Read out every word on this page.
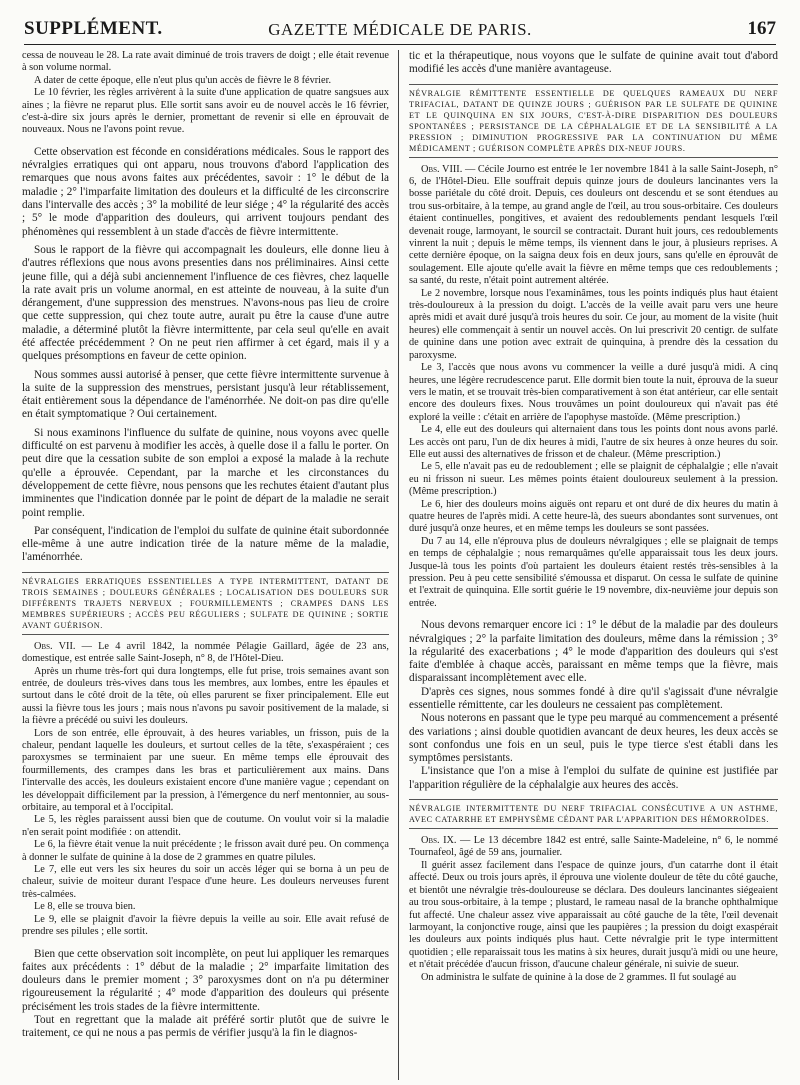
SUPPLÉMENT.	GAZETTE MÉDICALE DE PARIS.	167

cessa de nouveau le 28. La rate avait diminué de trois travers de doigt ; elle était revenue à son volume normal.

A dater de cette époque, elle n'eut plus qu'un accès de fièvre le 8 février.

Le 10 février, les règles arrivèrent à la suite d'une application de quatre sangsues aux aines ; la fièvre ne reparut plus. Elle sortit sans avoir eu de nouvel accès le 16 février, c'est-à-dire six jours après le dernier, promettant de revenir si elle en éprouvait de nouveaux. Nous ne l'avons point revue.

Cette observation est féconde en considérations médicales. Sous le rapport des névralgies erratiques qui ont apparu, nous trouvons d'abord l'application des remarques que nous avons faites aux précédentes, savoir : 1° le début de la maladie ; 2° l'imparfaite limitation des douleurs et la difficulté de les circonscrire dans l'intervalle des accès ; 3° la mobilité de leur siége ; 4° la régularité des accès ; 5° le mode d'apparition des douleurs, qui arrivent toujours pendant des phénomènes qui ressemblent à un stade d'accès de fièvre intermittente.

Sous le rapport de la fièvre qui accompagnait les douleurs, elle donne lieu à d'autres réflexions que nous avons presenties dans nos préliminaires. Ainsi cette jeune fille, qui a déjà subi anciennement l'influence de ces fièvres, chez laquelle la rate avait pris un volume anormal, en est atteinte de nouveau, à la suite d'un dérangement, d'une suppression des menstrues. N'avons-nous pas lieu de croire que cette suppression, qui chez toute autre, aurait pu être la cause d'une autre maladie, a déterminé plutôt la fièvre intermittente, par cela seul qu'elle en avait été affectée précédemment ? On ne peut rien affirmer à cet égard, mais il y a quelques présomptions en faveur de cette opinion.

Nous sommes aussi autorisé à penser, que cette fièvre intermittente survenue à la suite de la suppression des menstrues, persistant jusqu'à leur rétablissement, était entièrement sous la dépendance de l'aménorrhée. Ne doit-on pas dire qu'elle en était symptomatique ? Oui certainement.

Si nous examinons l'influence du sulfate de quinine, nous voyons avec quelle difficulté on est parvenu à modifier les accès, à quelle dose il a fallu le porter. On peut dire que la cessation subite de son emploi a exposé la malade à la rechute qu'elle a éprouvée. Cependant, par la marche et les circonstances du développement de cette fièvre, nous pensons que les rechutes étaient d'autant plus imminentes que l'indication donnée par le point de départ de la maladie ne serait point remplie.

Par conséquent, l'indication de l'emploi du sulfate de quinine était subordonnée elle-même à une autre indication tirée de la nature même de la maladie, l'aménorrhée.

NÉVRALGIES ERRATIQUES ESSENTIELLES A TYPE INTERMITTENT, DATANT DE TROIS SEMAINES ; DOULEURS GÉNÉRALES ; LOCALISATION DES DOULEURS SUR DIFFÉRENTS TRAJETS NERVEUX ; FOURMILLEMENTS ; CRAMPES DANS LES MEMBRES SUPÉRIEURS ; ACCÈS PEU RÉGULIERS ; SULFATE DE QUININE ; SORTIE AVANT GUÉRISON.

Obs. VII. — Le 4 avril 1842, la nommée Pélagie Gaillard, âgée de 23 ans, domestique, est entrée salle Saint-Joseph, n° 8, de l'Hôtel-Dieu.

Après un rhume très-fort qui dura longtemps, elle fut prise, trois semaines avant son entrée, de douleurs très-vives dans tous les membres, aux lombes, entre les épaules et surtout dans le côté droit de la tête, où elles parurent se fixer principalement. Elle eut aussi la fièvre tous les jours ; mais nous n'avons pu savoir positivement de la malade, si la fièvre a précédé ou suivi les douleurs.

Lors de son entrée, elle éprouvait, à des heures variables, un frisson, puis de la chaleur, pendant laquelle les douleurs, et surtout celles de la tête, s'exaspéraient ; ces paroxysmes se terminaient par une sueur. En même temps elle éprouvait des fourmillements, des crampes dans les bras et particulièrement aux mains. Dans l'intervalle des accès, les douleurs existaient encore d'une manière vague ; cependant on les développait difficilement par la pression, à l'émergence du nerf mentonnier, au sous-orbitaire, au temporal et à l'occipital.

Le 5, les règles paraissent aussi bien que de coutume. On voulut voir si la maladie n'en serait point modifiée : on attendit.

Le 6, la fièvre était venue la nuit précédente ; le frisson avait duré peu. On commença à donner le sulfate de quinine à la dose de 2 grammes en quatre pilules.

Le 7, elle eut vers les six heures du soir un accès léger qui se borna à un peu de chaleur, suivie de moiteur durant l'espace d'une heure. Les douleurs nerveuses furent très-calmées.

Le 8, elle se trouva bien.

Le 9, elle se plaignit d'avoir la fièvre depuis la veille au soir. Elle avait refusé de prendre ses pilules ; elle sortit.

Bien que cette observation soit incomplète, on peut lui appliquer les remarques faites aux précédents : 1° début de la maladie ; 2° imparfaite limitation des douleurs dans le premier moment ; 3° paroxysmes dont on n'a pu déterminer rigoureusement la régularité ; 4° mode d'apparition des douleurs qui présente précisément les trois stades de la fièvre intermittente.

Tout en regrettant que la malade ait préféré sortir plutôt que de suivre le traitement, ce qui ne nous a pas permis de vérifier jusqu'à la fin le diagnos-

tic et la thérapeutique, nous voyons que le sulfate de quinine avait tout d'abord modifié les accès d'une manière avantageuse.

NÉVRALGIE RÉMITTENTE ESSENTIELLE DE QUELQUES RAMEAUX DU NERF TRIFACIAL, DATANT DE QUINZE JOURS ; GUÉRISON PAR LE SULFATE DE QUININE ET LE QUINQUINA EN SIX JOURS, C'EST-À-DIRE DISPARITION DES DOULEURS SPONTANÉES ; PERSISTANCE DE LA CÉPHALALGIE ET DE LA SENSIBILITÉ A LA PRESSION ; DIMINUTION PROGRESSIVE PAR LA CONTINUATION DU MÊME MÉDICAMENT ; GUÉRISON COMPLÈTE APRÈS DIX-NEUF JOURS.

Obs. VIII. — Cécile Journo est entrée le 1er novembre 1841 à la salle Saint-Joseph, n° 6, de l'Hôtel-Dieu. Elle souffrait depuis quinze jours de douleurs lancinantes vers la bosse pariétale du côté droit. Depuis, ces douleurs ont descendu et se sont étendues au trou sus-orbitaire, à la tempe, au grand angle de l'œil, au trou sous-orbitaire. Ces douleurs étaient continuelles, pongitives, et avaient des redoublements pendant lesquels l'œil devenait rouge, larmoyant, le sourcil se contractait. Durant huit jours, ces redoublements vinrent la nuit ; depuis le même temps, ils viennent dans le jour, à plusieurs reprises. A cette dernière époque, on la saigna deux fois en deux jours, sans qu'elle en éprouvât de soulagement. Elle ajoute qu'elle avait la fièvre en même temps que ces redoublements ; sa santé, du reste, n'était point autrement altérée.

Le 2 novembre, lorsque nous l'examinâmes, tous les points indiqués plus haut étaient très-douloureux à la pression du doigt. L'accès de la veille avait paru vers une heure après midi et avait duré jusqu'à trois heures du soir. Ce jour, au moment de la visite (huit heures) elle commençait à sentir un nouvel accès. On lui prescrivit 20 centigr. de sulfate de quinine dans une potion avec extrait de quinquina, à prendre dès la cessation du paroxysme.

Le 3, l'accès que nous avons vu commencer la veille a duré jusqu'à midi. A cinq heures, une légère recrudescence parut. Elle dormit bien toute la nuit, éprouva de la sueur vers le matin, et se trouvait très-bien comparativement à son état antérieur, car elle sentait encore des douleurs fixes. Nous trouvâmes un point douloureux qui n'avait pas été exploré la veille : c'était en arrière de l'apophyse mastoïde. (Même prescription.)

Le 4, elle eut des douleurs qui alternaient dans tous les points dont nous avons parlé. Les accès ont paru, l'un de dix heures à midi, l'autre de six heures à onze heures du soir. Elle eut aussi des alternatives de frisson et de chaleur. (Même prescription.)

Le 5, elle n'avait pas eu de redoublement ; elle se plaignit de céphalalgie ; elle n'avait eu ni frisson ni sueur. Les mêmes points étaient douloureux seulement à la pression. (Même prescription.)

Le 6, hier des douleurs moins aiguës ont reparu et ont duré de dix heures du matin à quatre heures de l'après midi. A cette heure-là, des sueurs abondantes sont survenues, ont duré jusqu'à onze heures, et en même temps les douleurs se sont passées.

Du 7 au 14, elle n'éprouva plus de douleurs névralgiques ; elle se plaignait de temps en temps de céphalalgie ; nous remarquâmes qu'elle apparaissait tous les deux jours. Jusque-là tous les points d'où partaient les douleurs étaient restés très-sensibles à la pression. Peu à peu cette sensibilité s'émoussa et disparut. On cessa le sulfate de quinine et l'extrait de quinquina. Elle sortit guérie le 19 novembre, dix-neuvième jour depuis son entrée.

Nous devons remarquer encore ici : 1° le début de la maladie par des douleurs névralgiques ; 2° la parfaite limitation des douleurs, même dans la rémission ; 3° la régularité des exacerbations ; 4° le mode d'apparition des douleurs qui s'est faite d'emblée à chaque accès, paraissant en même temps que la fièvre, mais disparaissant incomplètement avec elle.

D'après ces signes, nous sommes fondé à dire qu'il s'agissait d'une névralgie essentielle rémittente, car les douleurs ne cessaient pas complètement.

Nous noterons en passant que le type peu marqué au commencement a présenté des variations ; ainsi double quotidien avancant de deux heures, les deux accès se sont confondus une fois en un seul, puis le type tierce s'est établi dans les symptômes persistants.

L'insistance que l'on a mise à l'emploi du sulfate de quinine est justifiée par l'apparition régulière de la céphalalgie aux heures des accès.

NÉVRALGIE INTERMITTENTE DU NERF TRIFACIAL CONSÉCUTIVE A UN ASTHME, AVEC CATARRHE ET EMPHYSÈME CÉDANT PAR L'APPARITION DES HÉMORROÏDES.

Obs. IX. — Le 13 décembre 1842 est entré, salle Sainte-Madeleine, n° 6, le nommé Tournafeol, âgé de 59 ans, journalier.

Il guérit assez facilement dans l'espace de quinze jours, d'un catarrhe dont il était affecté. Deux ou trois jours après, il éprouva une violente douleur de tête du côté gauche, et bientôt une névralgie très-douloureuse se déclara. Des douleurs lancinantes siégeaient au trou sous-orbitaire, à la tempe ; plustard, le rameau nasal de la branche ophthalmique fut affecté. Une chaleur assez vive apparaissait au côté gauche de la tête, l'œil devenait larmoyant, la conjonctive rouge, ainsi que les paupières ; la pression du doigt exaspérait les douleurs aux points indiqués plus haut. Cette névralgie prit le type intermittent quotidien ; elle reparaissait tous les matins à six heures, durait jusqu'à midi ou une heure, et n'était précédée d'aucun frisson, d'aucune chaleur générale, ni suivie de sueur.

On administra le sulfate de quinine à la dose de 2 grammes. Il fut soulagé au
